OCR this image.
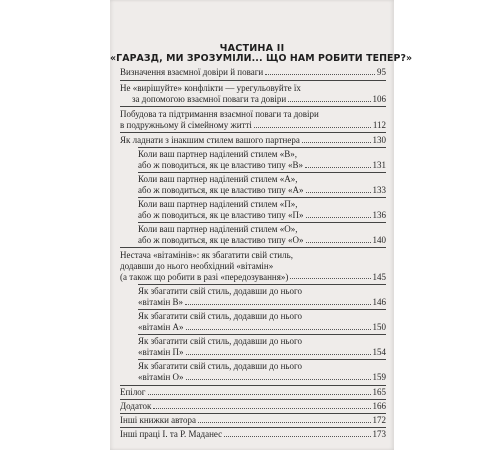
ЧАСТИНА ІІ
«ГАРАЗД, МИ ЗРОЗУМІЛИ... ЩО НАМ РОБИТИ ТЕПЕР?»
Визначення взаємної довіри й поваги	95
Не «вирішуйте» конфлікти — урегульовуйте їх
за допомогою взаємної поваги та довіри	106
Побудова та підтримання взаємної поваги та довіри
в подружньому й сімейному житті	112
Як ладнати з інакшим стилем вашого партнера	130
Коли ваш партнер наділений стилем «В»,
або ж поводиться, як це властиво типу «В»	131
Коли ваш партнер наділений стилем «А»,
або ж поводиться, як це властиво типу «А»	133
Коли ваш партнер наділений стилем «П»,
або ж поводиться, як це властиво типу «П»	136
Коли ваш партнер наділений стилем «О»,
або ж поводиться, як це властиво типу «О»	140
Нестача «вітамінів»: як збагатити свій стиль,
додавши до нього необхідний «вітамін»
(а також що робити в разі «передозування»)	145
Як збагатити свій стиль, додавши до нього
«вітамін В»	146
Як збагатити свій стиль, додавши до нього
«вітамін А»	150
Як збагатити свій стиль, додавши до нього
«вітамін П»	154
Як збагатити свій стиль, додавши до нього
«вітамін О»	159
Епілог	165
Додаток	166
Інші книжки автора	172
Інші праці І. та Р. Маданес	173
